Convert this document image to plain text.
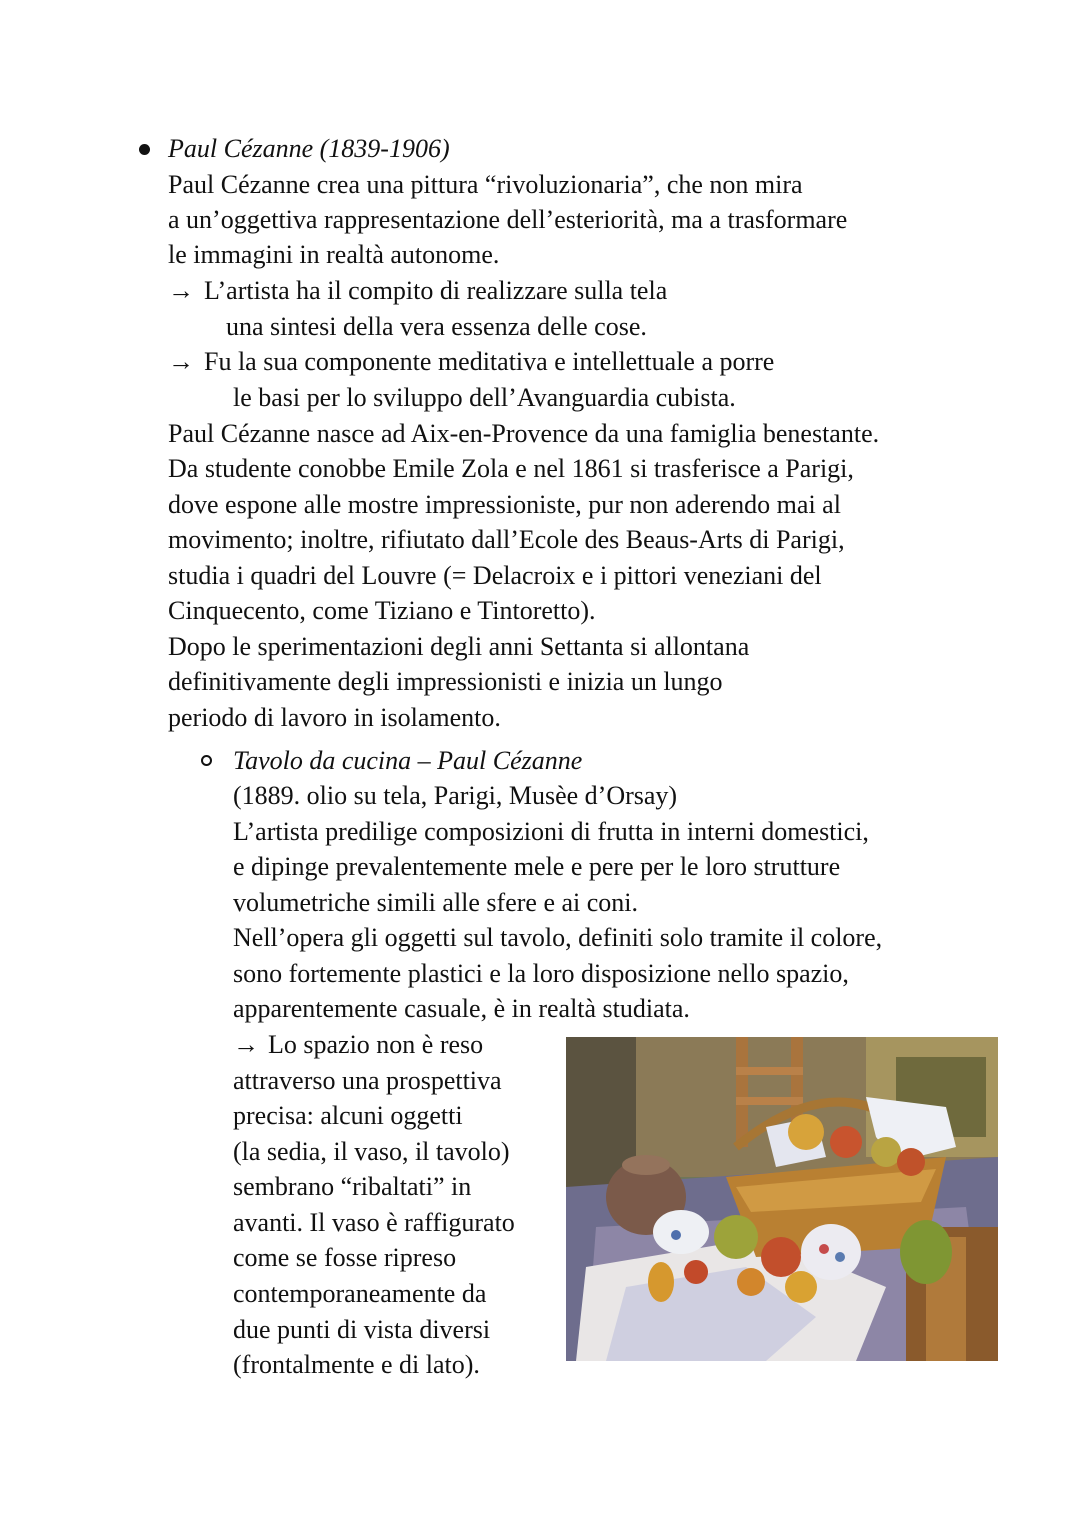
Paul Cézanne (1839-1906)
Paul Cézanne crea una pittura “rivoluzionaria”, che non mira
a un’oggettiva rappresentazione dell’esteriorità, ma a trasformare
le immagini in realtà autonome.
→ L’artista ha il compito di realizzare sulla tela
una sintesi della vera essenza delle cose.
→ Fu la sua componente meditativa e intellettuale a porre
le basi per lo sviluppo dell’Avanguardia cubista.
Paul Cézanne nasce ad Aix-en-Provence da una famiglia benestante.
Da studente conobbe Emile Zola e nel 1861 si trasferisce a Parigi,
dove espone alle mostre impressioniste, pur non aderendo mai al
movimento; inoltre, rifiutato dall’Ecole des Beaus-Arts di Parigi,
studia i quadri del Louvre (= Delacroix e i pittori veneziani del
Cinquecento, come Tiziano e Tintoretto).
Dopo le sperimentazioni degli anni Settanta si allontana
definitivamente degli impressionisti e inizia un lungo
periodo di lavoro in isolamento.
Tavolo da cucina – Paul Cézanne
(1889. olio su tela, Parigi, Musèe d’Orsay)
L’artista predilige composizioni di frutta in interni domestici,
e dipinge prevalentemente mele e pere per le loro strutture
volumetriche simili alle sfere e ai coni.
Nell’opera gli oggetti sul tavolo, definiti solo tramite il colore,
sono fortemente plastici e la loro disposizione nello spazio,
apparentemente casuale, è in realtà studiata.
→ Lo spazio non è reso
attraverso una prospettiva
precisa: alcuni oggetti
(la sedia, il vaso, il tavolo)
sembrano “ribaltati” in
avanti. Il vaso è raffigurato
come se fosse ripreso
contemporaneamente da
due punti di vista diversi
(frontalmente e di lato).
